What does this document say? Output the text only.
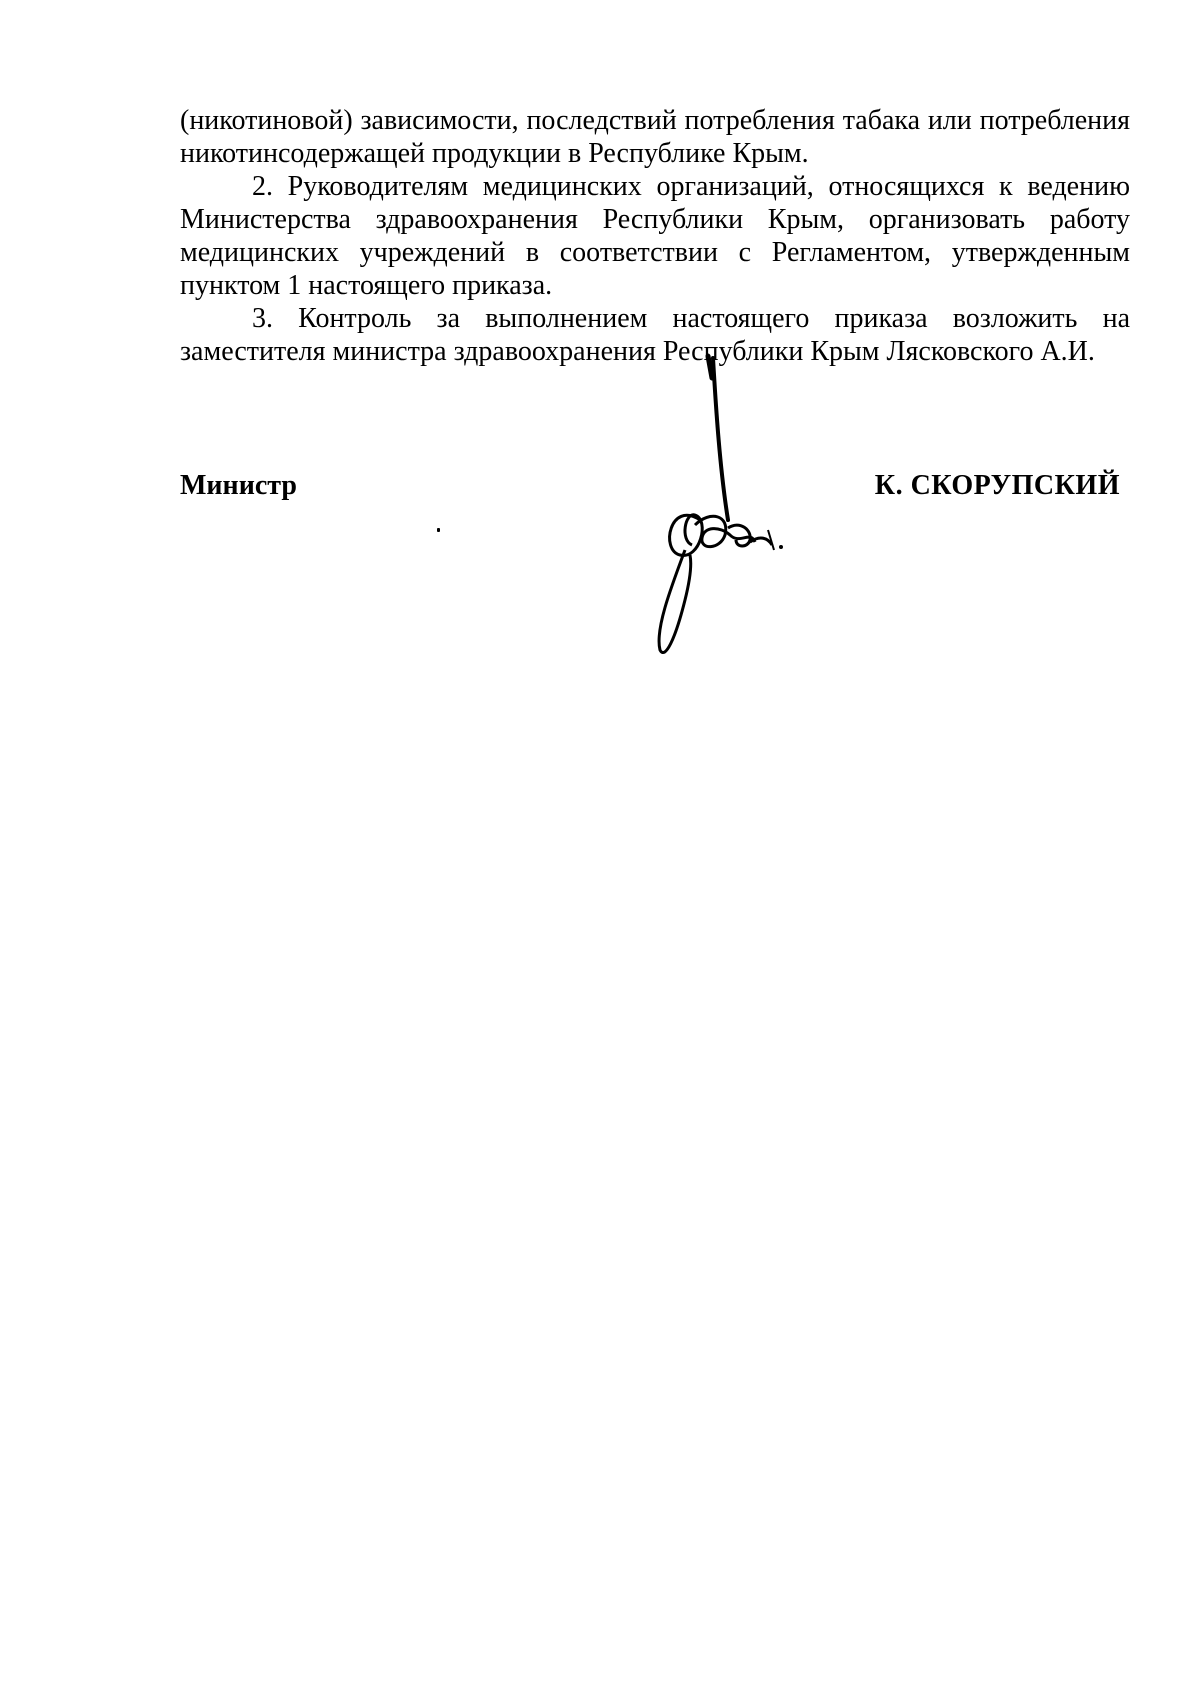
(никотиновой) зависимости, последствий потребления табака или потребления никотинсодержащей продукции в Республике Крым.

2. Руководителям медицинских организаций, относящихся к ведению Министерства здравоохранения Республики Крым, организовать работу медицинских учреждений в соответствии с Регламентом, утвержденным пунктом 1 настоящего приказа.

3. Контроль за выполнением настоящего приказа возложить на заместителя министра здравоохранения Республики Крым Лясковского А.И.

Министр	К. СКОРУПСКИЙ
